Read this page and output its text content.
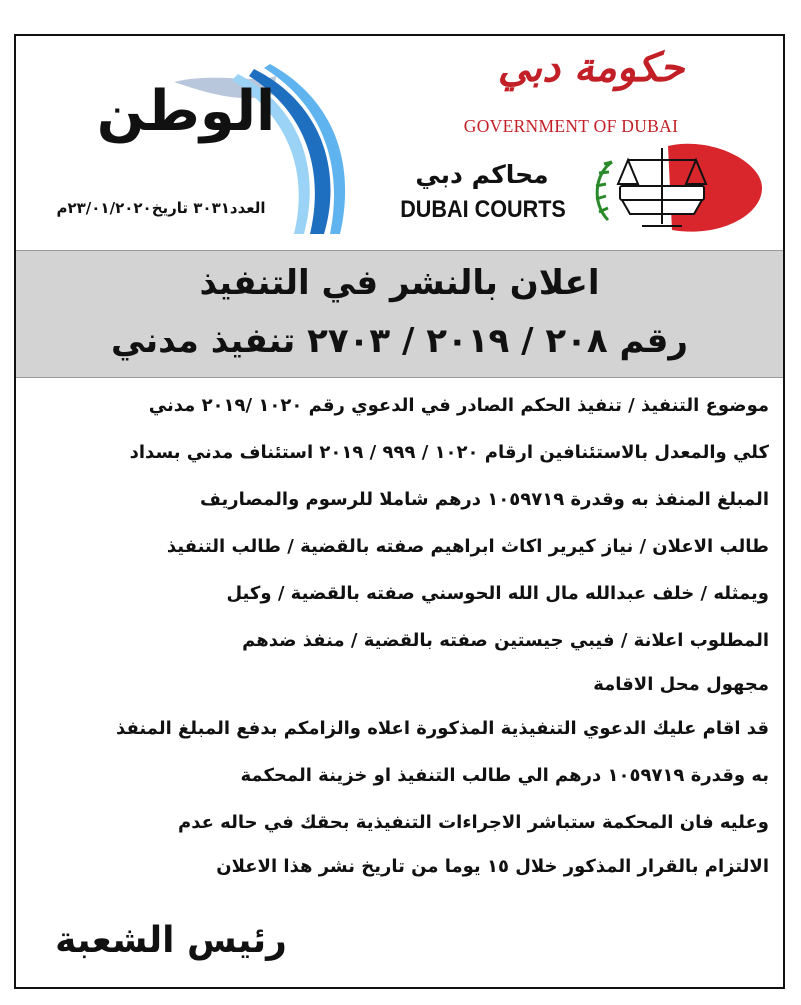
الوطن
العدد٣٠٣١ تاريخ٢٣/٠١/٢٠٢٠م
حكومة دبي
GOVERNMENT OF DUBAI
محاكم دبي
DUBAI COURTS
اعلان بالنشر في التنفيذ
رقم ٢٠٨ / ٢٠١٩ / ٢٧٠٣ تنفيذ مدني
موضوع التنفيذ / تنفيذ الحكم الصادر في الدعوي رقم ١٠٢٠ /٢٠١٩ مدني
كلي والمعدل بالاستئنافين ارقام ١٠٢٠ / ٩٩٩ / ٢٠١٩ استئناف مدني بسداد
المبلغ المنفذ به وقدرة ١٠٥٩٧١٩ درهم شاملا للرسوم والمصاريف
طالب الاعلان / نياز كيرير اكاث ابراهيم صفته بالقضية / طالب التنفيذ
ويمثله / خلف عبدالله مال الله الحوسني صفته بالقضية / وكيل
المطلوب اعلانة / فيبي جيستين صفته بالقضية / منفذ ضدهم
مجهول محل الاقامة
قد اقام عليك الدعوي التنفيذية المذكورة اعلاه والزامكم بدفع المبلغ المنفذ
به وقدرة ١٠٥٩٧١٩ درهم الي طالب التنفيذ او خزينة المحكمة
وعليه فان المحكمة ستباشر الاجراءات التنفيذية بحقك في حاله عدم
الالتزام بالقرار المذكور خلال ١٥ يوما من تاريخ نشر هذا الاعلان
رئيس الشعبة
